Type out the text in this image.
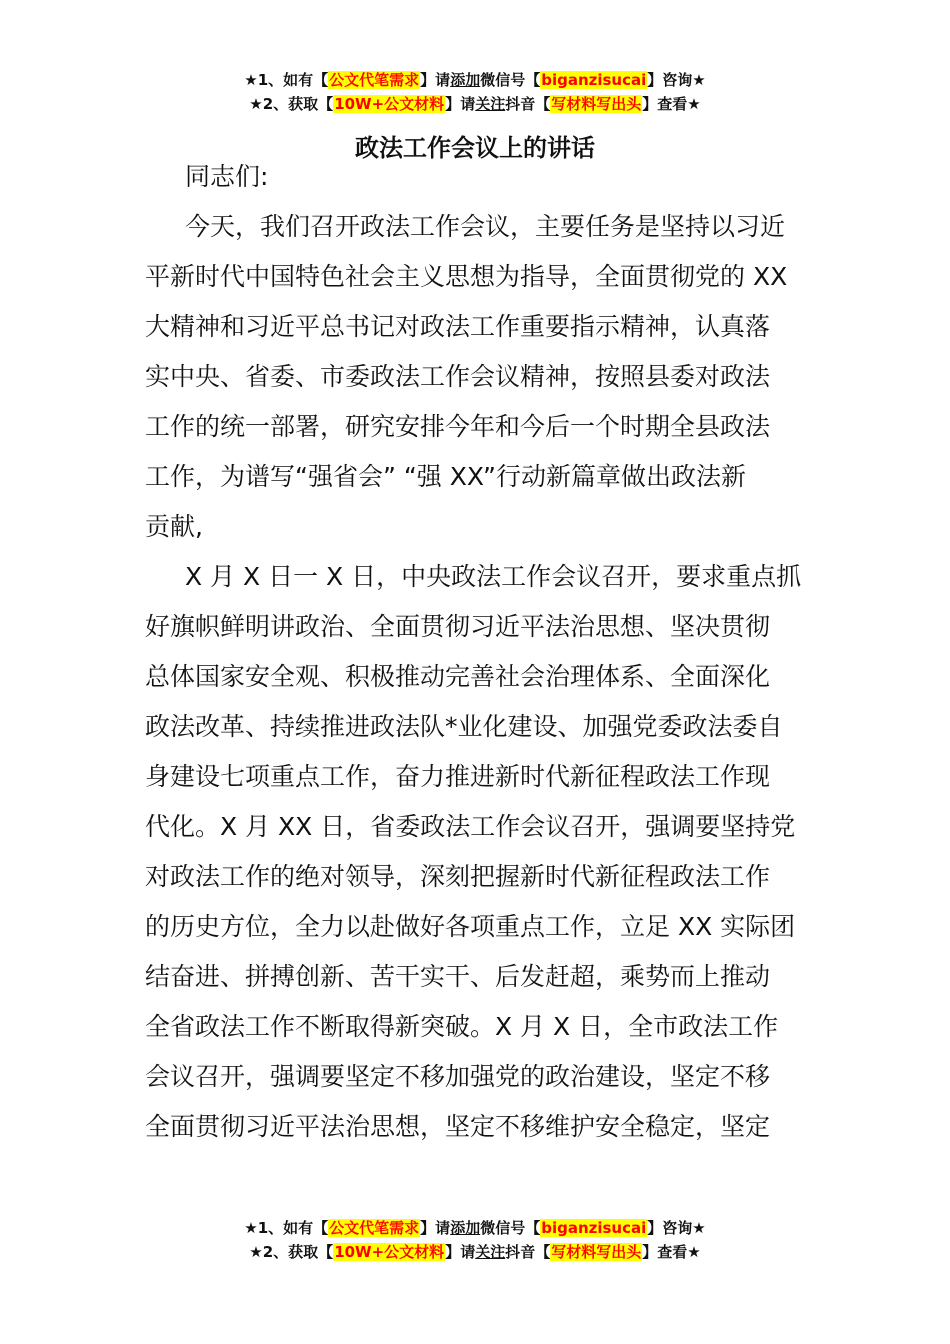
★1、如有【公文代笔需求】请添加微信号【biganzisucai】咨询★
★2、获取【10W+公文材料】请关注抖音【写材料写出头】查看★
政法工作会议上的讲话

同志们:

今天，我们召开政法工作会议，主要任务是坚持以习近
平新时代中国特色社会主义思想为指导，全面贯彻党的 XX
大精神和习近平总书记对政法工作重要指示精神，认真落
实中央、省委、市委政法工作会议精神，按照县委对政法
工作的统一部署，研究安排今年和今后一个时期全县政法
工作，为谱写“强省会” “强 XX”行动新篇章做出政法新
贡献,
X 月 X 日一 X 日，中央政法工作会议召开，要求重点抓
好旗帜鲜明讲政治、全面贯彻习近平法治思想、坚决贯彻
总体国家安全观、积极推动完善社会治理体系、全面深化
政法改革、持续推进政法队*业化建设、加强党委政法委自
身建设七项重点工作，奋力推进新时代新征程政法工作现
代化。X 月 XX 日，省委政法工作会议召开，强调要坚持党
对政法工作的绝对领导，深刻把握新时代新征程政法工作
的历史方位，全力以赴做好各项重点工作，立足 XX 实际团
结奋进、拼搏创新、苦干实干、后发赶超，乘势而上推动
全省政法工作不断取得新突破。X 月 X 日，全市政法工作
会议召开，强调要坚定不移加强党的政治建设，坚定不移
全面贯彻习近平法治思想，坚定不移维护安全稳定，坚定
★1、如有【公文代笔需求】请添加微信号【biganzisucai】咨询★
★2、获取【10W+公文材料】请关注抖音【写材料写出头】查看★
